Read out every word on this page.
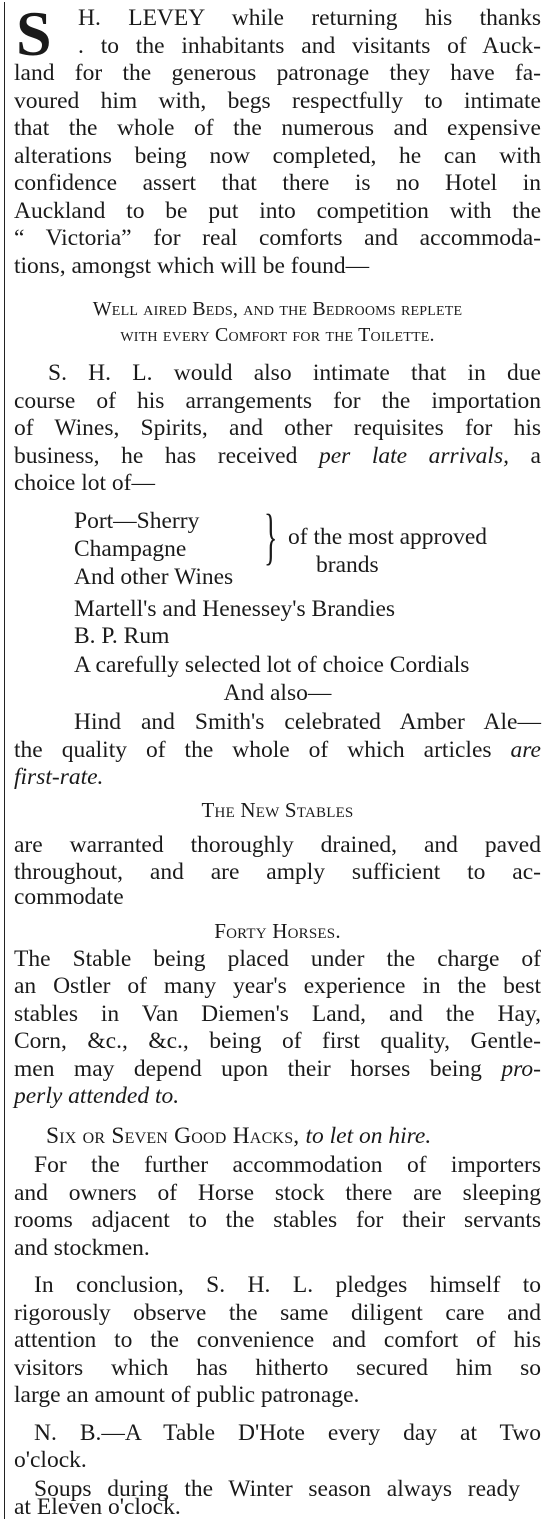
S H. LEVEY while returning his thanks
. to the inhabitants and visitants of Auck-
land for the generous patronage they have fa-
voured him with, begs respectfully to intimate
that the whole of the numerous and expensive
alterations being now completed, he can with
confidence assert that there is no Hotel in
Auckland to be put into competition with the
“ Victoria” for real comforts and accommoda-
tions, amongst which will be found—
Well aired Beds, and the Bedrooms replete
with every Comfort for the Toilette.
S. H. L. would also intimate that in due
course of his arrangements for the importation
of Wines, Spirits, and other requisites for his
business, he has received per late arrivals, a
choice lot of—
Port—Sherry
Champagne
And other Wines
} of the most approved
brands
Martell's and Henessey's Brandies
B. P. Rum
A carefully selected lot of choice Cordials
And also—
Hind and Smith's celebrated Amber Ale—
the quality of the whole of which articles are
first-rate.
The New Stables
are warranted thoroughly drained, and paved
throughout, and are amply sufficient to ac-
commodate
Forty Horses.
The Stable being placed under the charge of
an Ostler of many year's experience in the best
stables in Van Diemen's Land, and the Hay,
Corn, &c., &c., being of first quality, Gentle-
men may depend upon their horses being pro-
perly attended to.
Six or Seven Good Hacks, to let on hire.
For the further accommodation of importers
and owners of Horse stock there are sleeping
rooms adjacent to the stables for their servants
and stockmen.
In conclusion, S. H. L. pledges himself to
rigorously observe the same diligent care and
attention to the convenience and comfort of his
visitors which has hitherto secured him so
large an amount of public patronage.
N. B.—A Table D'Hote every day at Two
o'clock.
Soups during the Winter season always ready
at Eleven o'clock.
